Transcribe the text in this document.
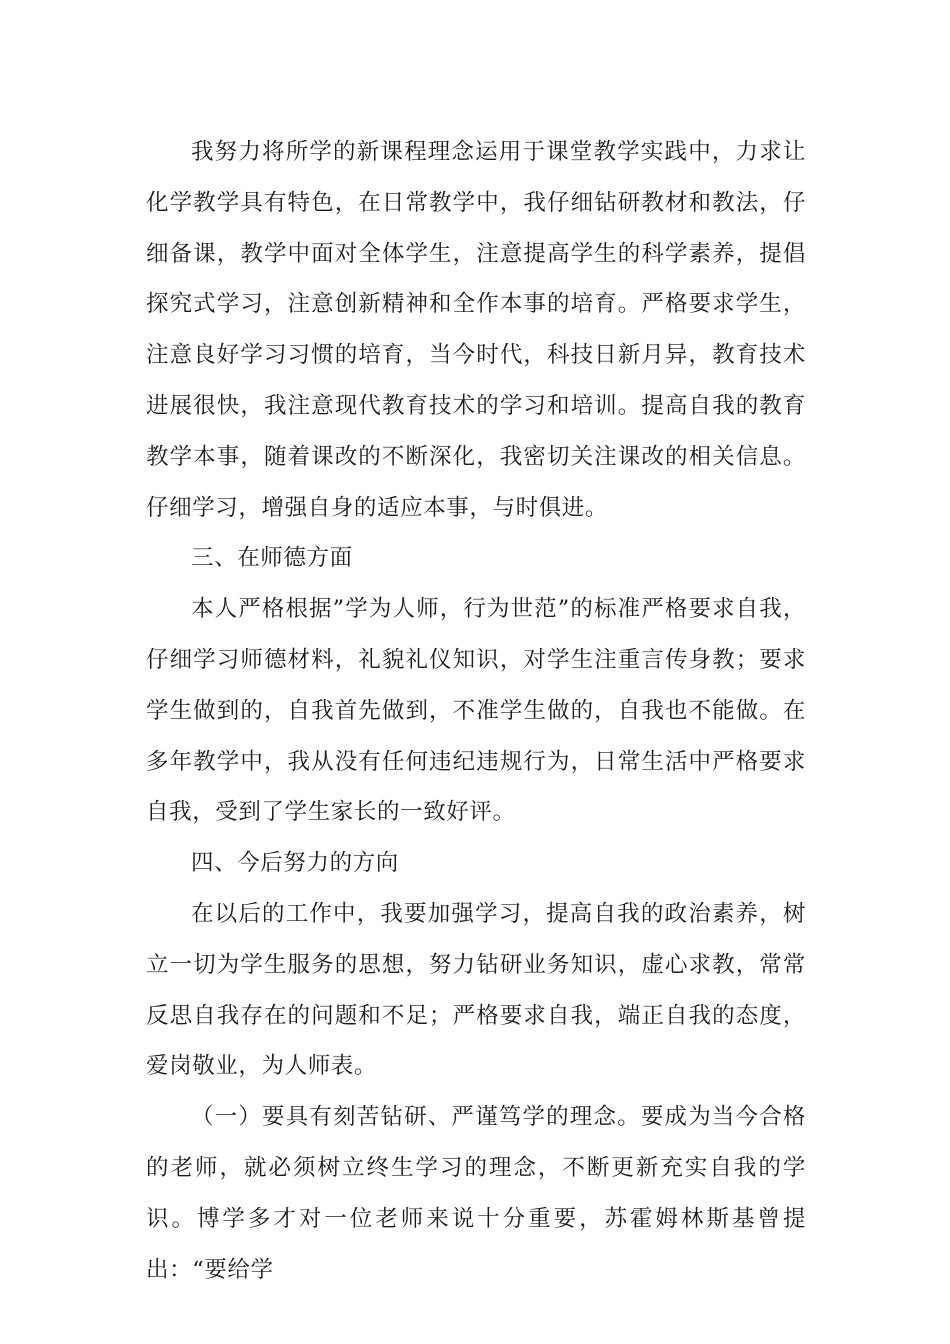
我努力将所学的新课程理念运用于课堂教学实践中，力求让化学教学具有特色，在日常教学中，我仔细钻研教材和教法，仔细备课，教学中面对全体学生，注意提高学生的科学素养，提倡探究式学习，注意创新精神和全作本事的培育。严格要求学生，注意良好学习习惯的培育，当今时代，科技日新月异，教育技术进展很快，我注意现代教育技术的学习和培训。提高自我的教育教学本事，随着课改的不断深化，我密切关注课改的相关信息。仔细学习，增强自身的适应本事，与时俱进。

三、在师德方面

本人严格根据”学为人师，行为世范”的标准严格要求自我，仔细学习师德材料，礼貌礼仪知识，对学生注重言传身教；要求学生做到的，自我首先做到，不准学生做的，自我也不能做。在多年教学中，我从没有任何违纪违规行为，日常生活中严格要求自我，受到了学生家长的一致好评。

四、今后努力的方向

在以后的工作中，我要加强学习，提高自我的政治素养，树立一切为学生服务的思想，努力钻研业务知识，虚心求教，常常反思自我存在的问题和不足；严格要求自我，端正自我的态度，爱岗敬业，为人师表。

（一）要具有刻苦钻研、严谨笃学的理念。要成为当今合格的老师，就必须树立终生学习的理念，不断更新充实自我的学识。博学多才对一位老师来说十分重要，苏霍姆林斯基曾提出：“要给学
